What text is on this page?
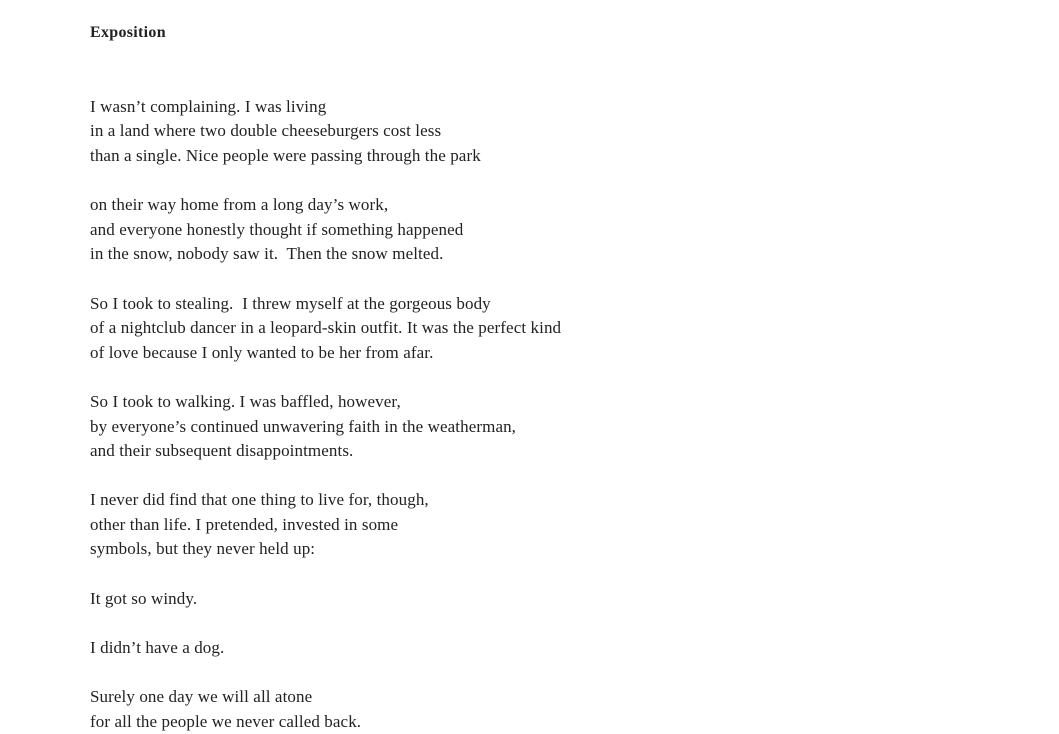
Exposition
I wasn’t complaining. I was living
in a land where two double cheeseburgers cost less
than a single. Nice people were passing through the park
on their way home from a long day’s work,
and everyone honestly thought if something happened
in the snow, nobody saw it.  Then the snow melted.
So I took to stealing.  I threw myself at the gorgeous body
of a nightclub dancer in a leopard-skin outfit. It was the perfect kind
of love because I only wanted to be her from afar.
So I took to walking. I was baffled, however,
by everyone’s continued unwavering faith in the weatherman,
and their subsequent disappointments.
I never did find that one thing to live for, though,
other than life. I pretended, invested in some
symbols, but they never held up:
It got so windy.
I didn’t have a dog.
Surely one day we will all atone
for all the people we never called back.
